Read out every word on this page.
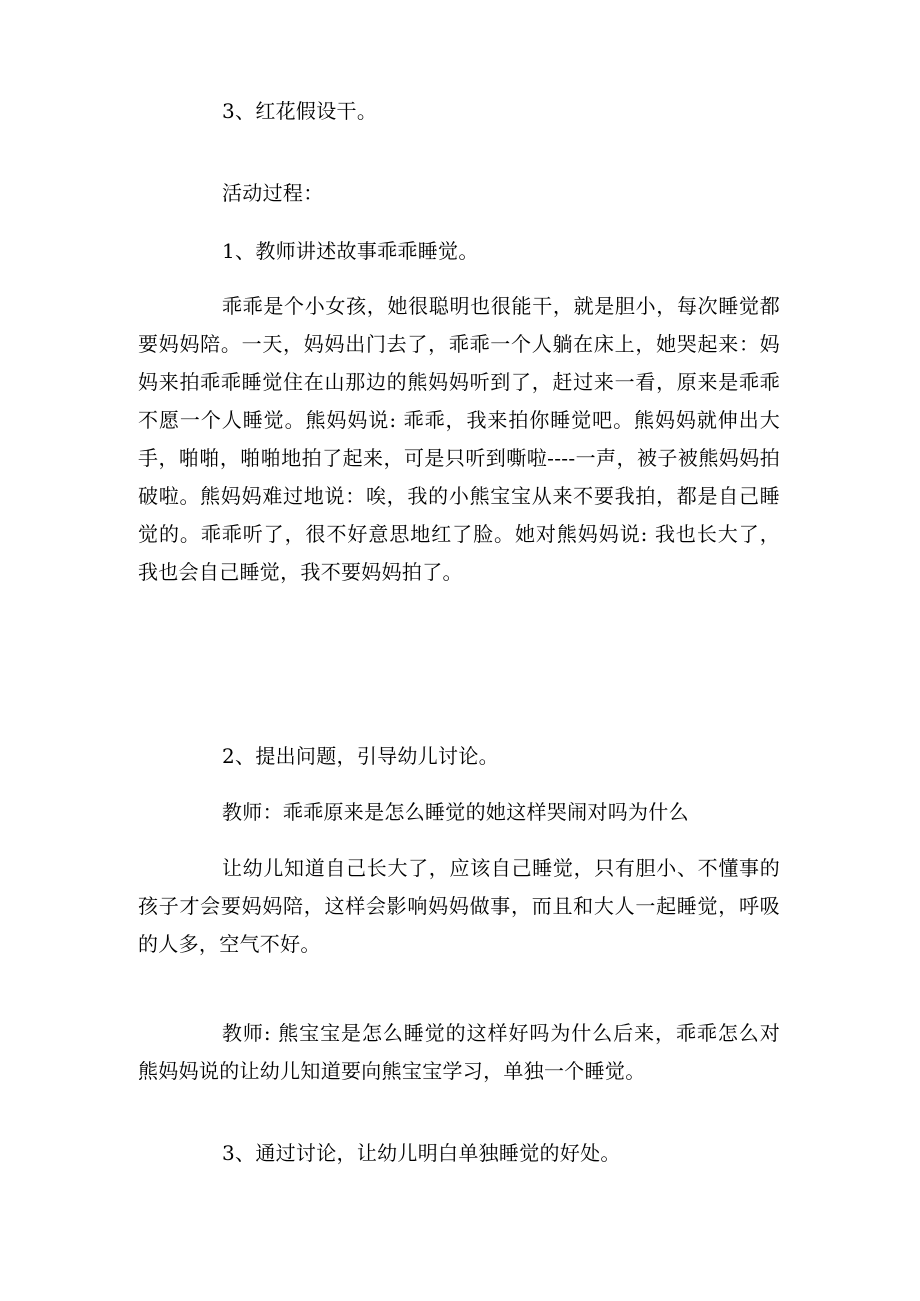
3、红花假设干。

活动过程：

1、教师讲述故事乖乖睡觉。

乖乖是个小女孩，她很聪明也很能干，就是胆小，每次睡觉都要妈妈陪。一天，妈妈出门去了，乖乖一个人躺在床上，她哭起来：妈妈来拍乖乖睡觉住在山那边的熊妈妈听到了，赶过来一看，原来是乖乖不愿一个人睡觉。熊妈妈说: 乖乖，我来拍你睡觉吧。熊妈妈就伸出大手，啪啪，啪啪地拍了起来，可是只听到嘶啦----一声，被子被熊妈妈拍破啦。熊妈妈难过地说：唉，我的小熊宝宝从来不要我拍，都是自己睡觉的。乖乖听了，很不好意思地红了脸。她对熊妈妈说: 我也长大了，我也会自己睡觉，我不要妈妈拍了。

2、提出问题，引导幼儿讨论。

教师：乖乖原来是怎么睡觉的她这样哭闹对吗为什么

让幼儿知道自己长大了，应该自己睡觉，只有胆小、不懂事的孩子才会要妈妈陪，这样会影响妈妈做事，而且和大人一起睡觉，呼吸的人多，空气不好。

教师: 熊宝宝是怎么睡觉的这样好吗为什么后来，乖乖怎么对熊妈妈说的让幼儿知道要向熊宝宝学习，单独一个睡觉。

3、通过讨论，让幼儿明白单独睡觉的好处。
